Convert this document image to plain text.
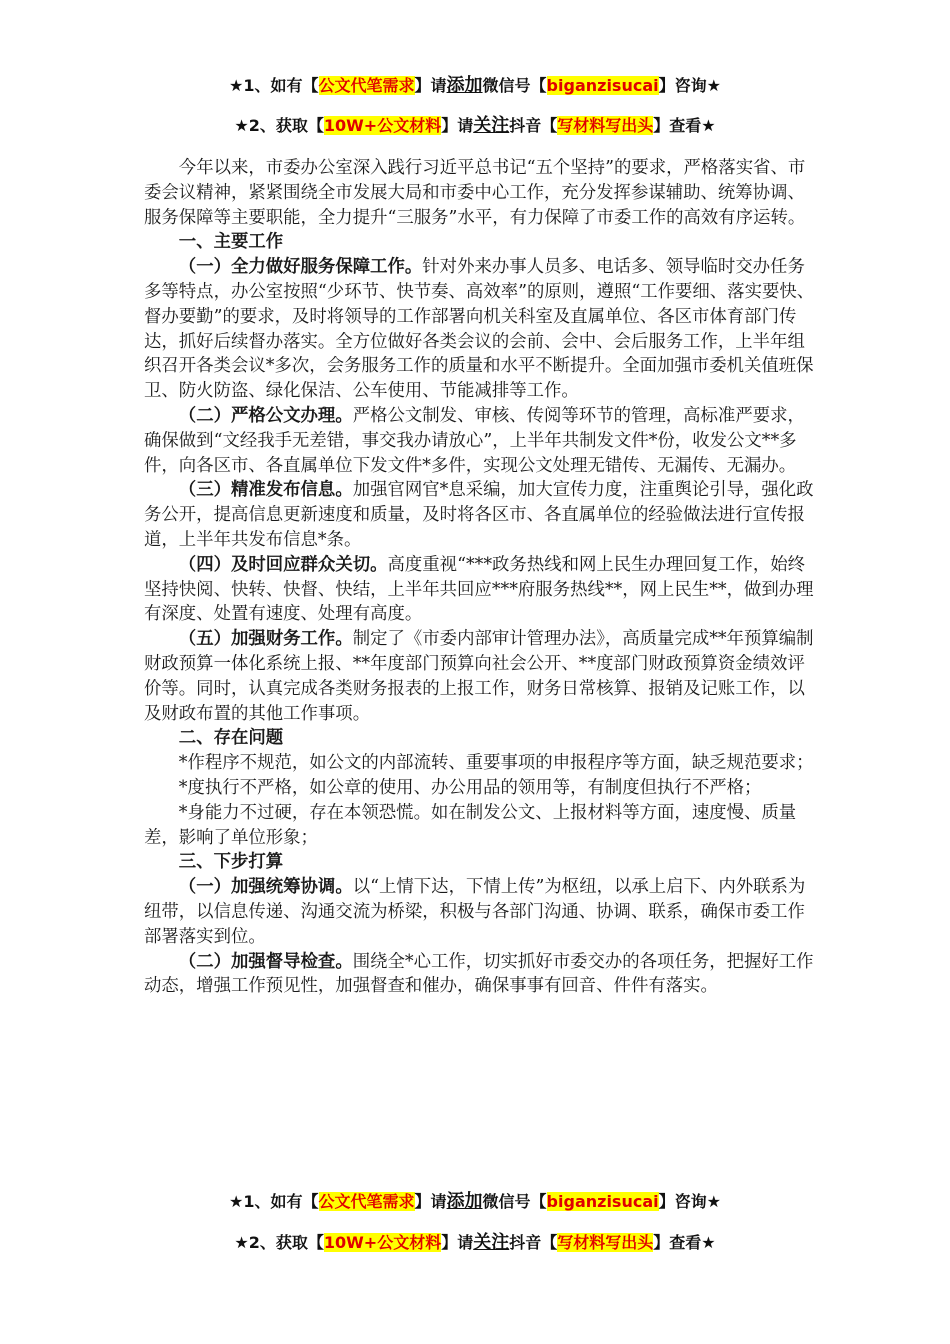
★1、如有【公文代笔需求】请添加微信号【biganzisucai】咨询★
★2、获取【10W+公文材料】请关注抖音【写材料写出头】查看★

今年以来，市委办公室深入践行习近平总书记“五个坚持”的要求，严格落实省、市委会议精神，紧紧围绕全市发展大局和市委中心工作，充分发挥参谋辅助、统筹协调、服务保障等主要职能，全力提升“三服务”水平，有力保障了市委工作的高效有序运转。

一、主要工作

（一）全力做好服务保障工作。针对外来办事人员多、电话多、领导临时交办任务多等特点，办公室按照“少环节、快节奏、高效率”的原则，遵照“工作要细、落实要快、督办要勤”的要求，及时将领导的工作部署向机关科室及直属单位、各区市体育部门传达，抓好后续督办落实。全方位做好各类会议的会前、会中、会后服务工作，上半年组织召开各类会议*多次，会务服务工作的质量和水平不断提升。全面加强市委机关值班保卫、防火防盗、绿化保洁、公车使用、节能减排等工作。

（二）严格公文办理。严格公文制发、审核、传阅等环节的管理，高标准严要求，确保做到“文经我手无差错，事交我办请放心”，上半年共制发文件*份，收发公文**多件，向各区市、各直属单位下发文件*多件，实现公文处理无错传、无漏传、无漏办。

（三）精准发布信息。加强官网官*息采编，加大宣传力度，注重舆论引导，强化政务公开，提高信息更新速度和质量，及时将各区市、各直属单位的经验做法进行宣传报道，上半年共发布信息*条。

（四）及时回应群众关切。高度重视“***政务热线和网上民生办理回复工作，始终坚持快阅、快转、快督、快结，上半年共回应***府服务热线**，网上民生**，做到办理有深度、处置有速度、处理有高度。

（五）加强财务工作。制定了《市委内部审计管理办法》，高质量完成**年预算编制财政预算一体化系统上报、**年度部门预算向社会公开、**度部门财政预算资金绩效评价等。同时，认真完成各类财务报表的上报工作，财务日常核算、报销及记账工作，以及财政布置的其他工作事项。

二、存在问题

*作程序不规范，如公文的内部流转、重要事项的申报程序等方面，缺乏规范要求；

*度执行不严格，如公章的使用、办公用品的领用等，有制度但执行不严格；

*身能力不过硬，存在本领恐慌。如在制发公文、上报材料等方面，速度慢、质量差，影响了单位形象；

三、下步打算

（一）加强统筹协调。以“上情下达，下情上传”为枢纽，以承上启下、内外联系为纽带，以信息传递、沟通交流为桥梁，积极与各部门沟通、协调、联系，确保市委工作部署落实到位。

（二）加强督导检查。围绕全*心工作，切实抓好市委交办的各项任务，把握好工作动态，增强工作预见性，加强督查和催办，确保事事有回音、件件有落实。

★1、如有【公文代笔需求】请添加微信号【biganzisucai】咨询★
★2、获取【10W+公文材料】请关注抖音【写材料写出头】查看★
